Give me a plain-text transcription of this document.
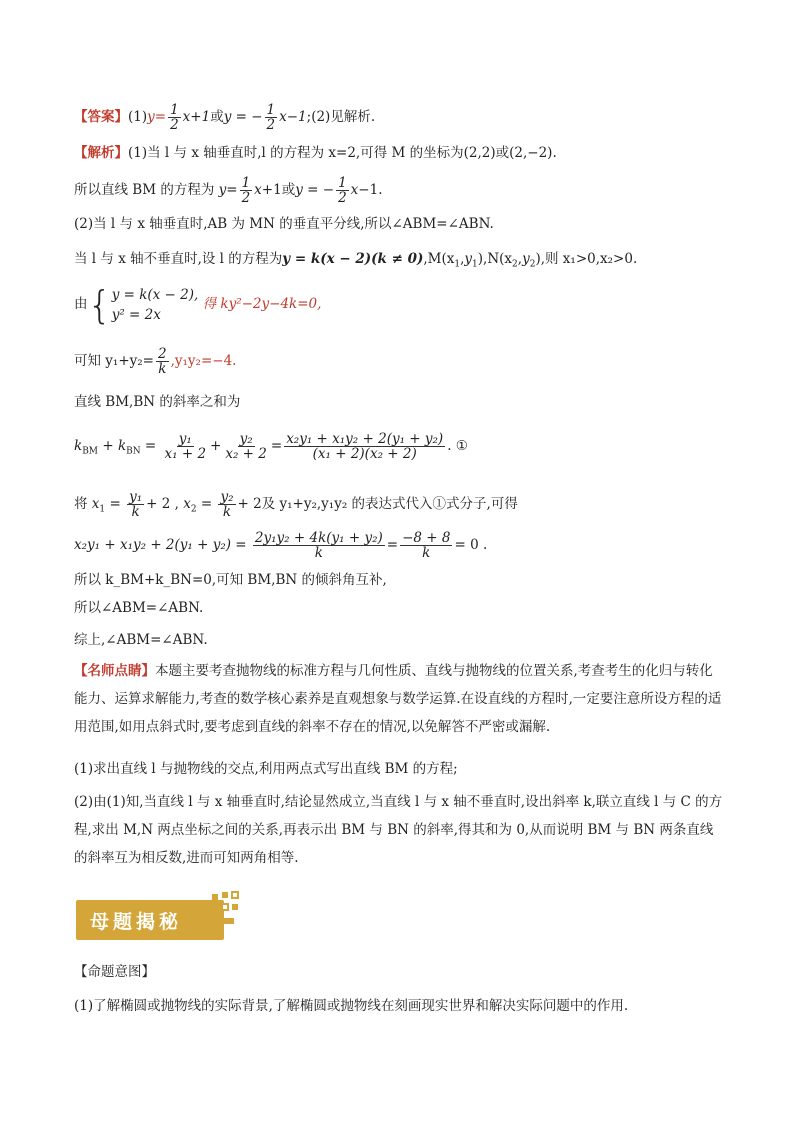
【答案】$(1)y= \frac{1}{2} x+1$或y = − $\frac{1}{2}$ x−1;(2)见解析.
【解析】(1)当 l 与 x 轴垂直时,l 的方程为 x=2,可得 M 的坐标为(2,2)或(2,−2).
所以直线 BM 的方程为 $y= \frac{1}{2} x+1$或y = − $\frac{1}{2} x-1$.
(2)当 l 与 x 轴垂直时,AB 为 MN 的垂直平分线,所以∠ABM=∠ABN.
当 l 与 x 轴不垂直时,设 l 的方程为$y = k(x - 2)(k \ne 0),M(x_1,y_1),N(x_2,y_2)$,则 x₁>0,x₂>0.
由{ y = k(x − 2),
y² = 2x
得 ky²−2y−4k=0,
可知 $y_1+y_2= \frac{2}{k} ,y_1y_2=-4$.
直线 BM,BN 的斜率之和为
$k_{BM} + k_{BN} = \frac{\text{y₁}}{\text{x₁ + 2}} + \frac{\text{y₂}}{\text{x₂ + 2}} = \frac{\text{x₂y₁ + x₁y₂ + 2(y₁ + y₂)}}{\text{(x₁ + 2)(x₂ + 2)}}$ . ①
将 $x_1 = \frac{\text{y₁}}{k} + 2$ , $x_2 = \frac{\text{y₂}}{k} + 2$及 y₁+y₂,y₁y₂ 的表达式代入①式分子,可得
$x_2y_1 + x_1y_2 + 2(y_1 + y_2) = \frac{\text{2y₁y₂ + 4k(y₁ + y₂)}}{k} = \frac{-8 + 8}{k} = 0$ .
所以 k_BM+k_BN=0,可知 BM,BN 的倾斜角互补,
所以∠ABM=∠ABN.
综上,∠ABM=∠ABN.
【名师点睛】本题主要考查抛物线的标准方程与几何性质、直线与抛物线的位置关系,考查考生的化归与转化能力、运算求解能力,考查的数学核心素养是直观想象与数学运算.在设直线的方程时,一定要注意所设方程的适用范围,如用点斜式时,要考虑到直线的斜率不存在的情况,以免解答不严密或漏解.
(1)求出直线 l 与抛物线的交点,利用两点式写出直线 BM 的方程;
(2)由(1)知,当直线 l 与 x 轴垂直时,结论显然成立,当直线 l 与 x 轴不垂直时,设出斜率 k,联立直线 l 与 C 的方程,求出 M,N 两点坐标之间的关系,再表示出 BM 与 BN 的斜率,得其和为 0,从而说明 BM 与 BN 两条直线的斜率互为相反数,进而可知两角相等.
母题揭秘
【命题意图】
(1)了解椭圆或抛物线的实际背景,了解椭圆或抛物线在刻画现实世界和解决实际问题中的作用.
